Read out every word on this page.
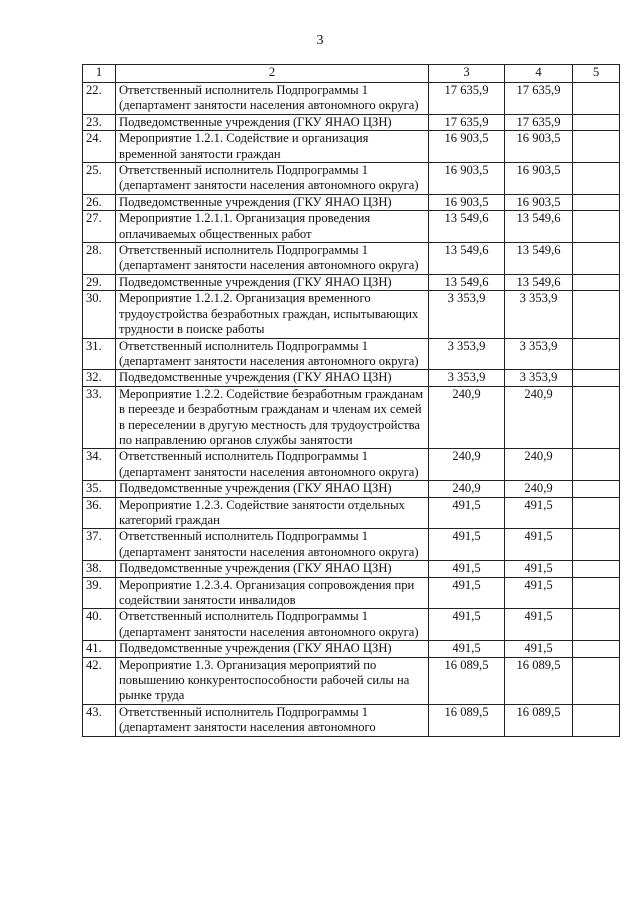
3
1	2	3	4	5
22.	Ответственный исполнитель Подпрограммы 1 (департамент занятости населения автономного округа)	17 635,9	17 635,9	
23.	Подведомственные учреждения (ГКУ ЯНАО ЦЗН)	17 635,9	17 635,9	
24.	Мероприятие 1.2.1. Содействие и организация временной занятости граждан	16 903,5	16 903,5	
25.	Ответственный исполнитель Подпрограммы 1 (департамент занятости населения автономного округа)	16 903,5	16 903,5	
26.	Подведомственные учреждения (ГКУ ЯНАО ЦЗН)	16 903,5	16 903,5	
27.	Мероприятие 1.2.1.1. Организация проведения оплачиваемых общественных работ	13 549,6	13 549,6	
28.	Ответственный исполнитель Подпрограммы 1 (департамент занятости населения автономного округа)	13 549,6	13 549,6	
29.	Подведомственные учреждения (ГКУ ЯНАО ЦЗН)	13 549,6	13 549,6	
30.	Мероприятие 1.2.1.2. Организация временного трудоустройства безработных граждан, испытывающих трудности в поиске работы	3 353,9	3 353,9	
31.	Ответственный исполнитель Подпрограммы 1 (департамент занятости населения автономного округа)	3 353,9	3 353,9	
32.	Подведомственные учреждения (ГКУ ЯНАО ЦЗН)	3 353,9	3 353,9	
33.	Мероприятие 1.2.2. Содействие безработным гражданам в переезде и безработным гражданам и членам их семей в переселении в другую местность для трудоустройства по направлению органов службы занятости	240,9	240,9	
34.	Ответственный исполнитель Подпрограммы 1 (департамент занятости населения автономного округа)	240,9	240,9	
35.	Подведомственные учреждения (ГКУ ЯНАО ЦЗН)	240,9	240,9	
36.	Мероприятие 1.2.3. Содействие занятости отдельных категорий граждан	491,5	491,5	
37.	Ответственный исполнитель Подпрограммы 1 (департамент занятости населения автономного округа)	491,5	491,5	
38.	Подведомственные учреждения (ГКУ ЯНАО ЦЗН)	491,5	491,5	
39.	Мероприятие 1.2.3.4. Организация сопровождения при содействии занятости инвалидов	491,5	491,5	
40.	Ответственный исполнитель Подпрограммы 1 (департамент занятости населения автономного округа)	491,5	491,5	
41.	Подведомственные учреждения (ГКУ ЯНАО ЦЗН)	491,5	491,5	
42.	Мероприятие 1.3. Организация мероприятий по повышению конкурентоспособности рабочей силы на рынке труда	16 089,5	16 089,5	
43.	Ответственный исполнитель Подпрограммы 1 (департамент занятости населения автономного	16 089,5	16 089,5	
